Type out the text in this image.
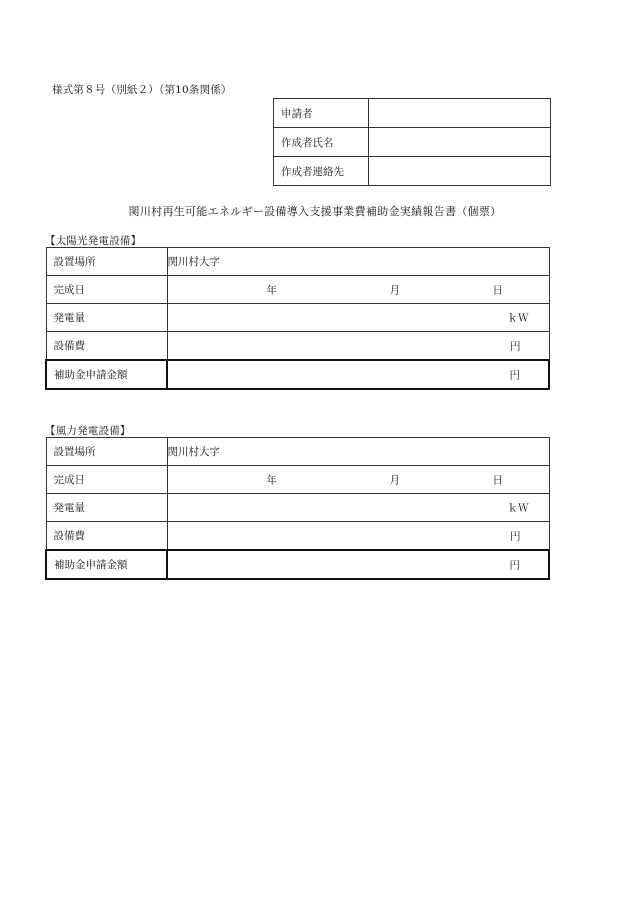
様式第８号（別紙２）（第10条関係）
申請者	
作成者氏名	
作成者連絡先	
関川村再生可能エネルギー設備導入支援事業費補助金実績報告書（個票）
【太陽光発電設備】
設置場所	関川村大字
完成日	年 月 日

発電量	ｋＷ

設備費	円

補助金申請金額	円
【風力発電設備】
設置場所	関川村大字
完成日	年 月 日

発電量	ｋＷ

設備費	円

補助金申請金額	円
